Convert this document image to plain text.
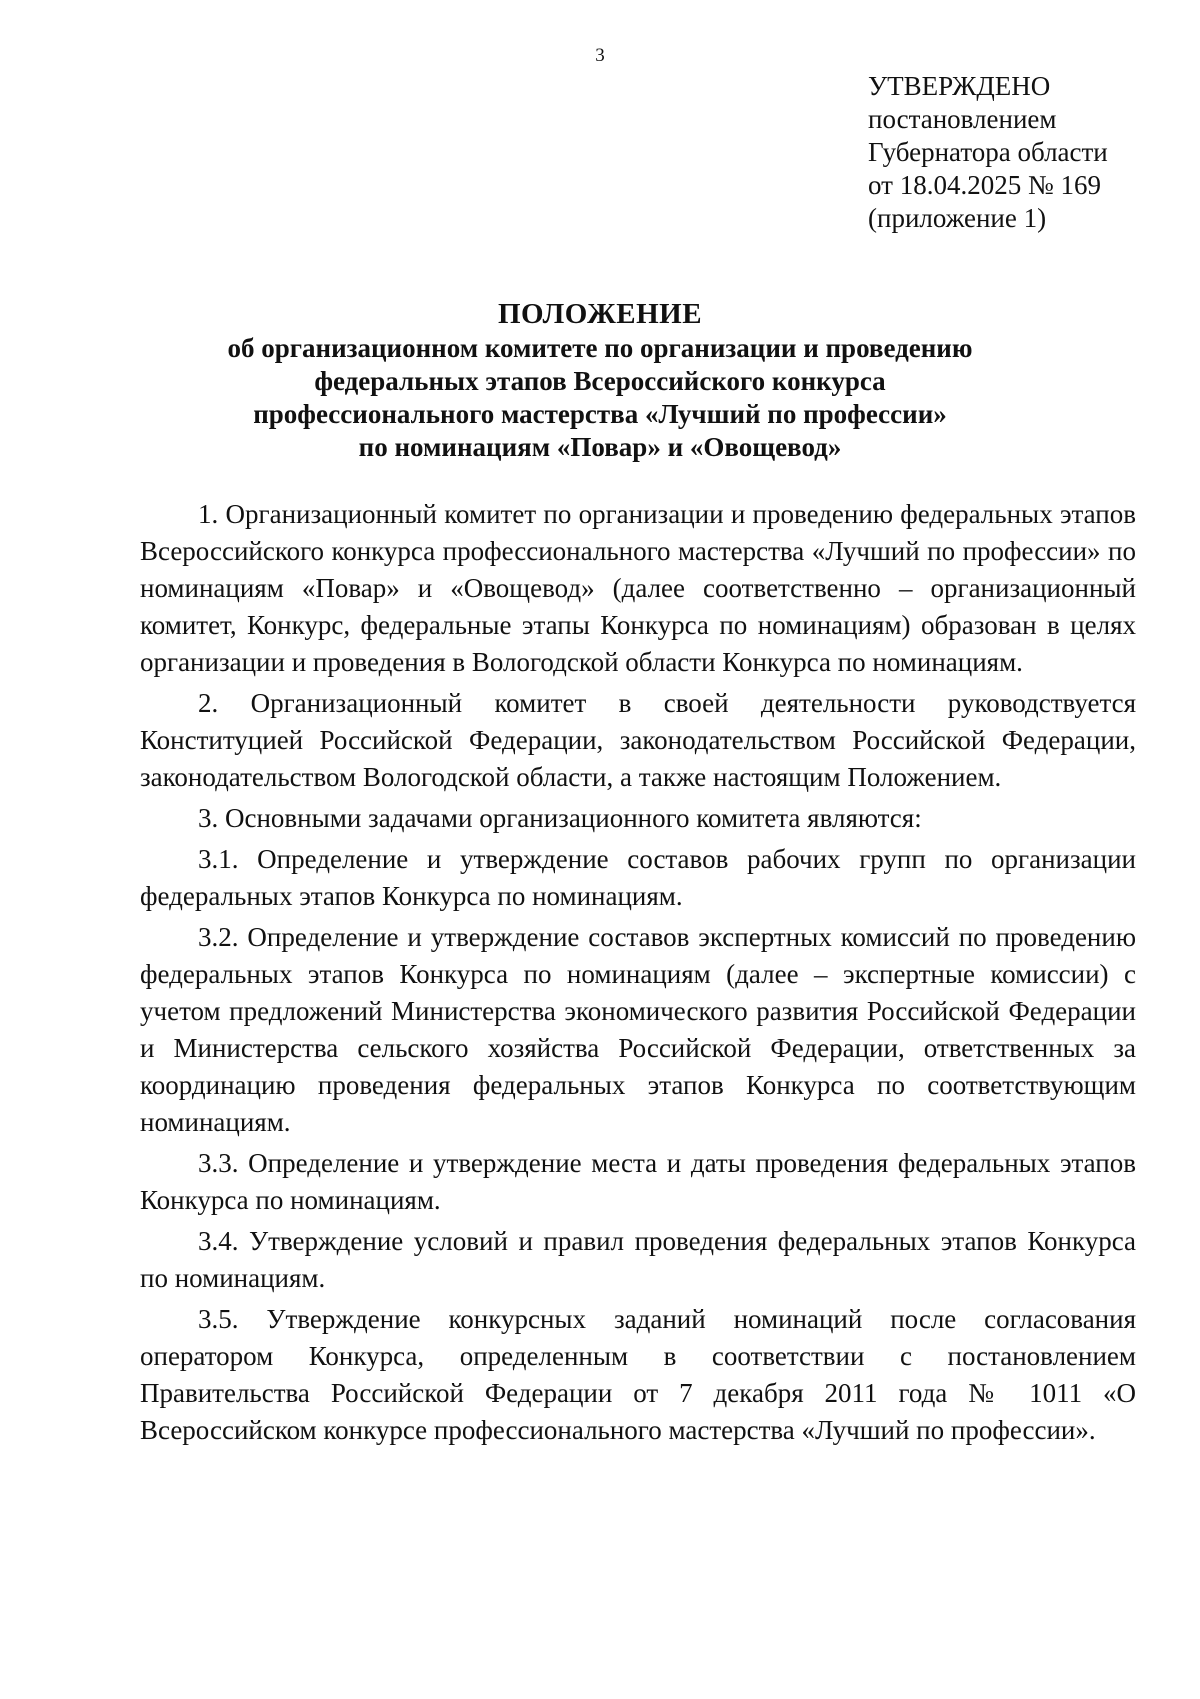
3
УТВЕРЖДЕНО
постановлением
Губернатора области
от 18.04.2025 № 169
(приложение 1)
ПОЛОЖЕНИЕ
об организационном комитете по организации и проведению
федеральных этапов Всероссийского конкурса
профессионального мастерства «Лучший по профессии»
по номинациям «Повар» и «Овощевод»

1. Организационный комитет по организации и проведению федеральных этапов Всероссийского конкурса профессионального мастерства «Лучший по профессии» по номинациям «Повар» и «Овощевод» (далее соответственно – организационный комитет, Конкурс, федеральные этапы Конкурса по номинациям) образован в целях организации и проведения в Вологодской области Конкурса по номинациям.

2. Организационный комитет в своей деятельности руководствуется Конституцией Российской Федерации, законодательством Российской Федерации, законодательством Вологодской области, а также настоящим Положением.

3. Основными задачами организационного комитета являются:

3.1. Определение и утверждение составов рабочих групп по организации федеральных этапов Конкурса по номинациям.

3.2. Определение и утверждение составов экспертных комиссий по проведению федеральных этапов Конкурса по номинациям (далее – экспертные комиссии) с учетом предложений Министерства экономического развития Российской Федерации и Министерства сельского хозяйства Российской Федерации, ответственных за координацию проведения федеральных этапов Конкурса по соответствующим номинациям.

3.3. Определение и утверждение места и даты проведения федеральных этапов Конкурса по номинациям.

3.4. Утверждение условий и правил проведения федеральных этапов Конкурса по номинациям.

3.5. Утверждение конкурсных заданий номинаций после согласования оператором Конкурса, определенным в соответствии с постановлением Правительства Российской Федерации от 7 декабря 2011 года № 1011 «О Всероссийском конкурсе профессионального мастерства «Лучший по профессии».
